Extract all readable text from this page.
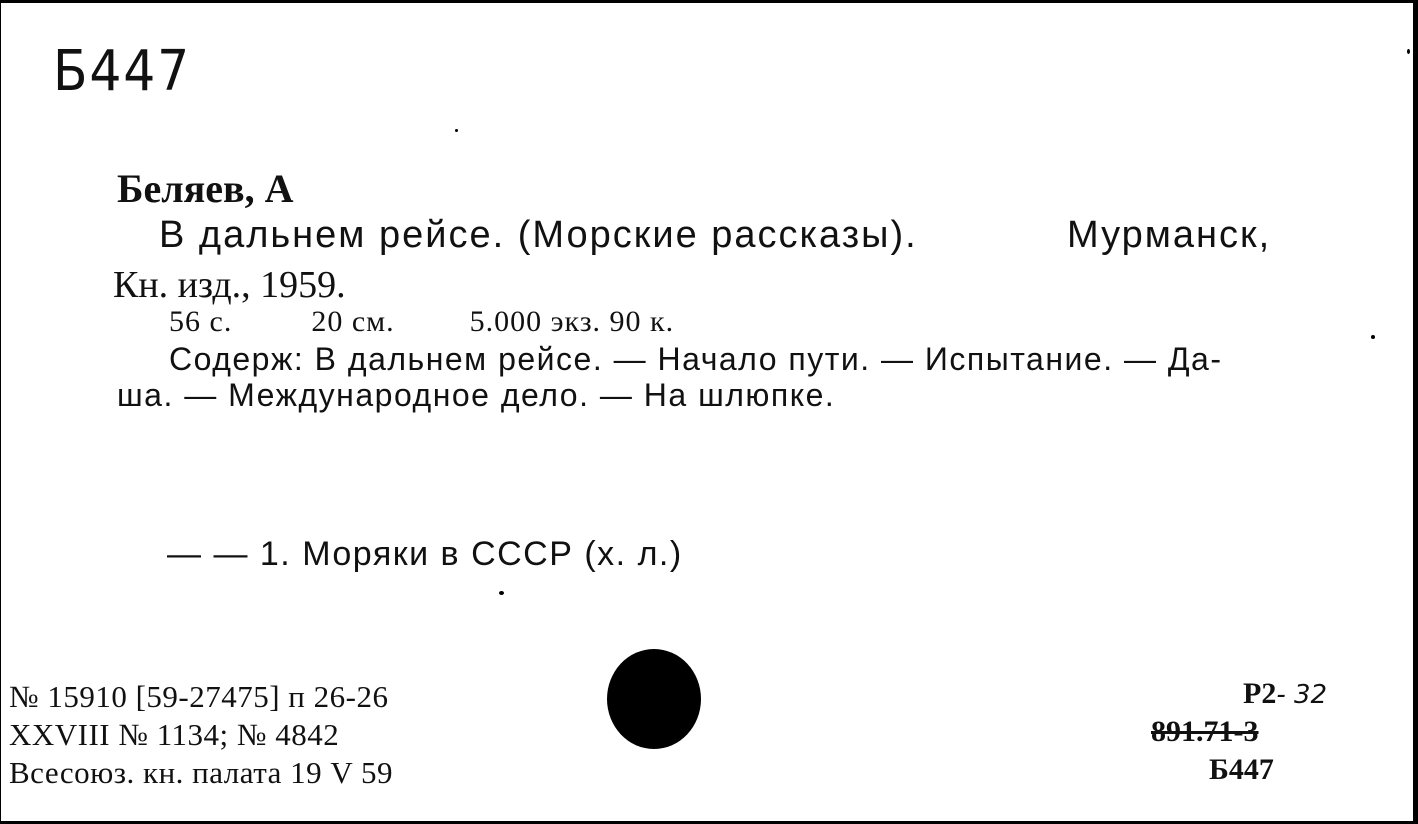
Б447
Беляев, А
В дальнем рейсе. (Морские рассказы).	Мурманск,
Кн. изд., 1959.
56 с.	20 см.	5.000 экз. 90 к.
Содерж: В дальнем рейсе. — Начало пути. — Испытание. — Да-
ша. — Международное дело. — На шлюпке.
— — 1. Моряки в СССР (х. л.)
№ 15910 [59-27475] п 26-26
XXVIII № 1134; № 4842
Всесоюз. кн. палата 19 V 59
Р2- 32
891.71-3
Б447
